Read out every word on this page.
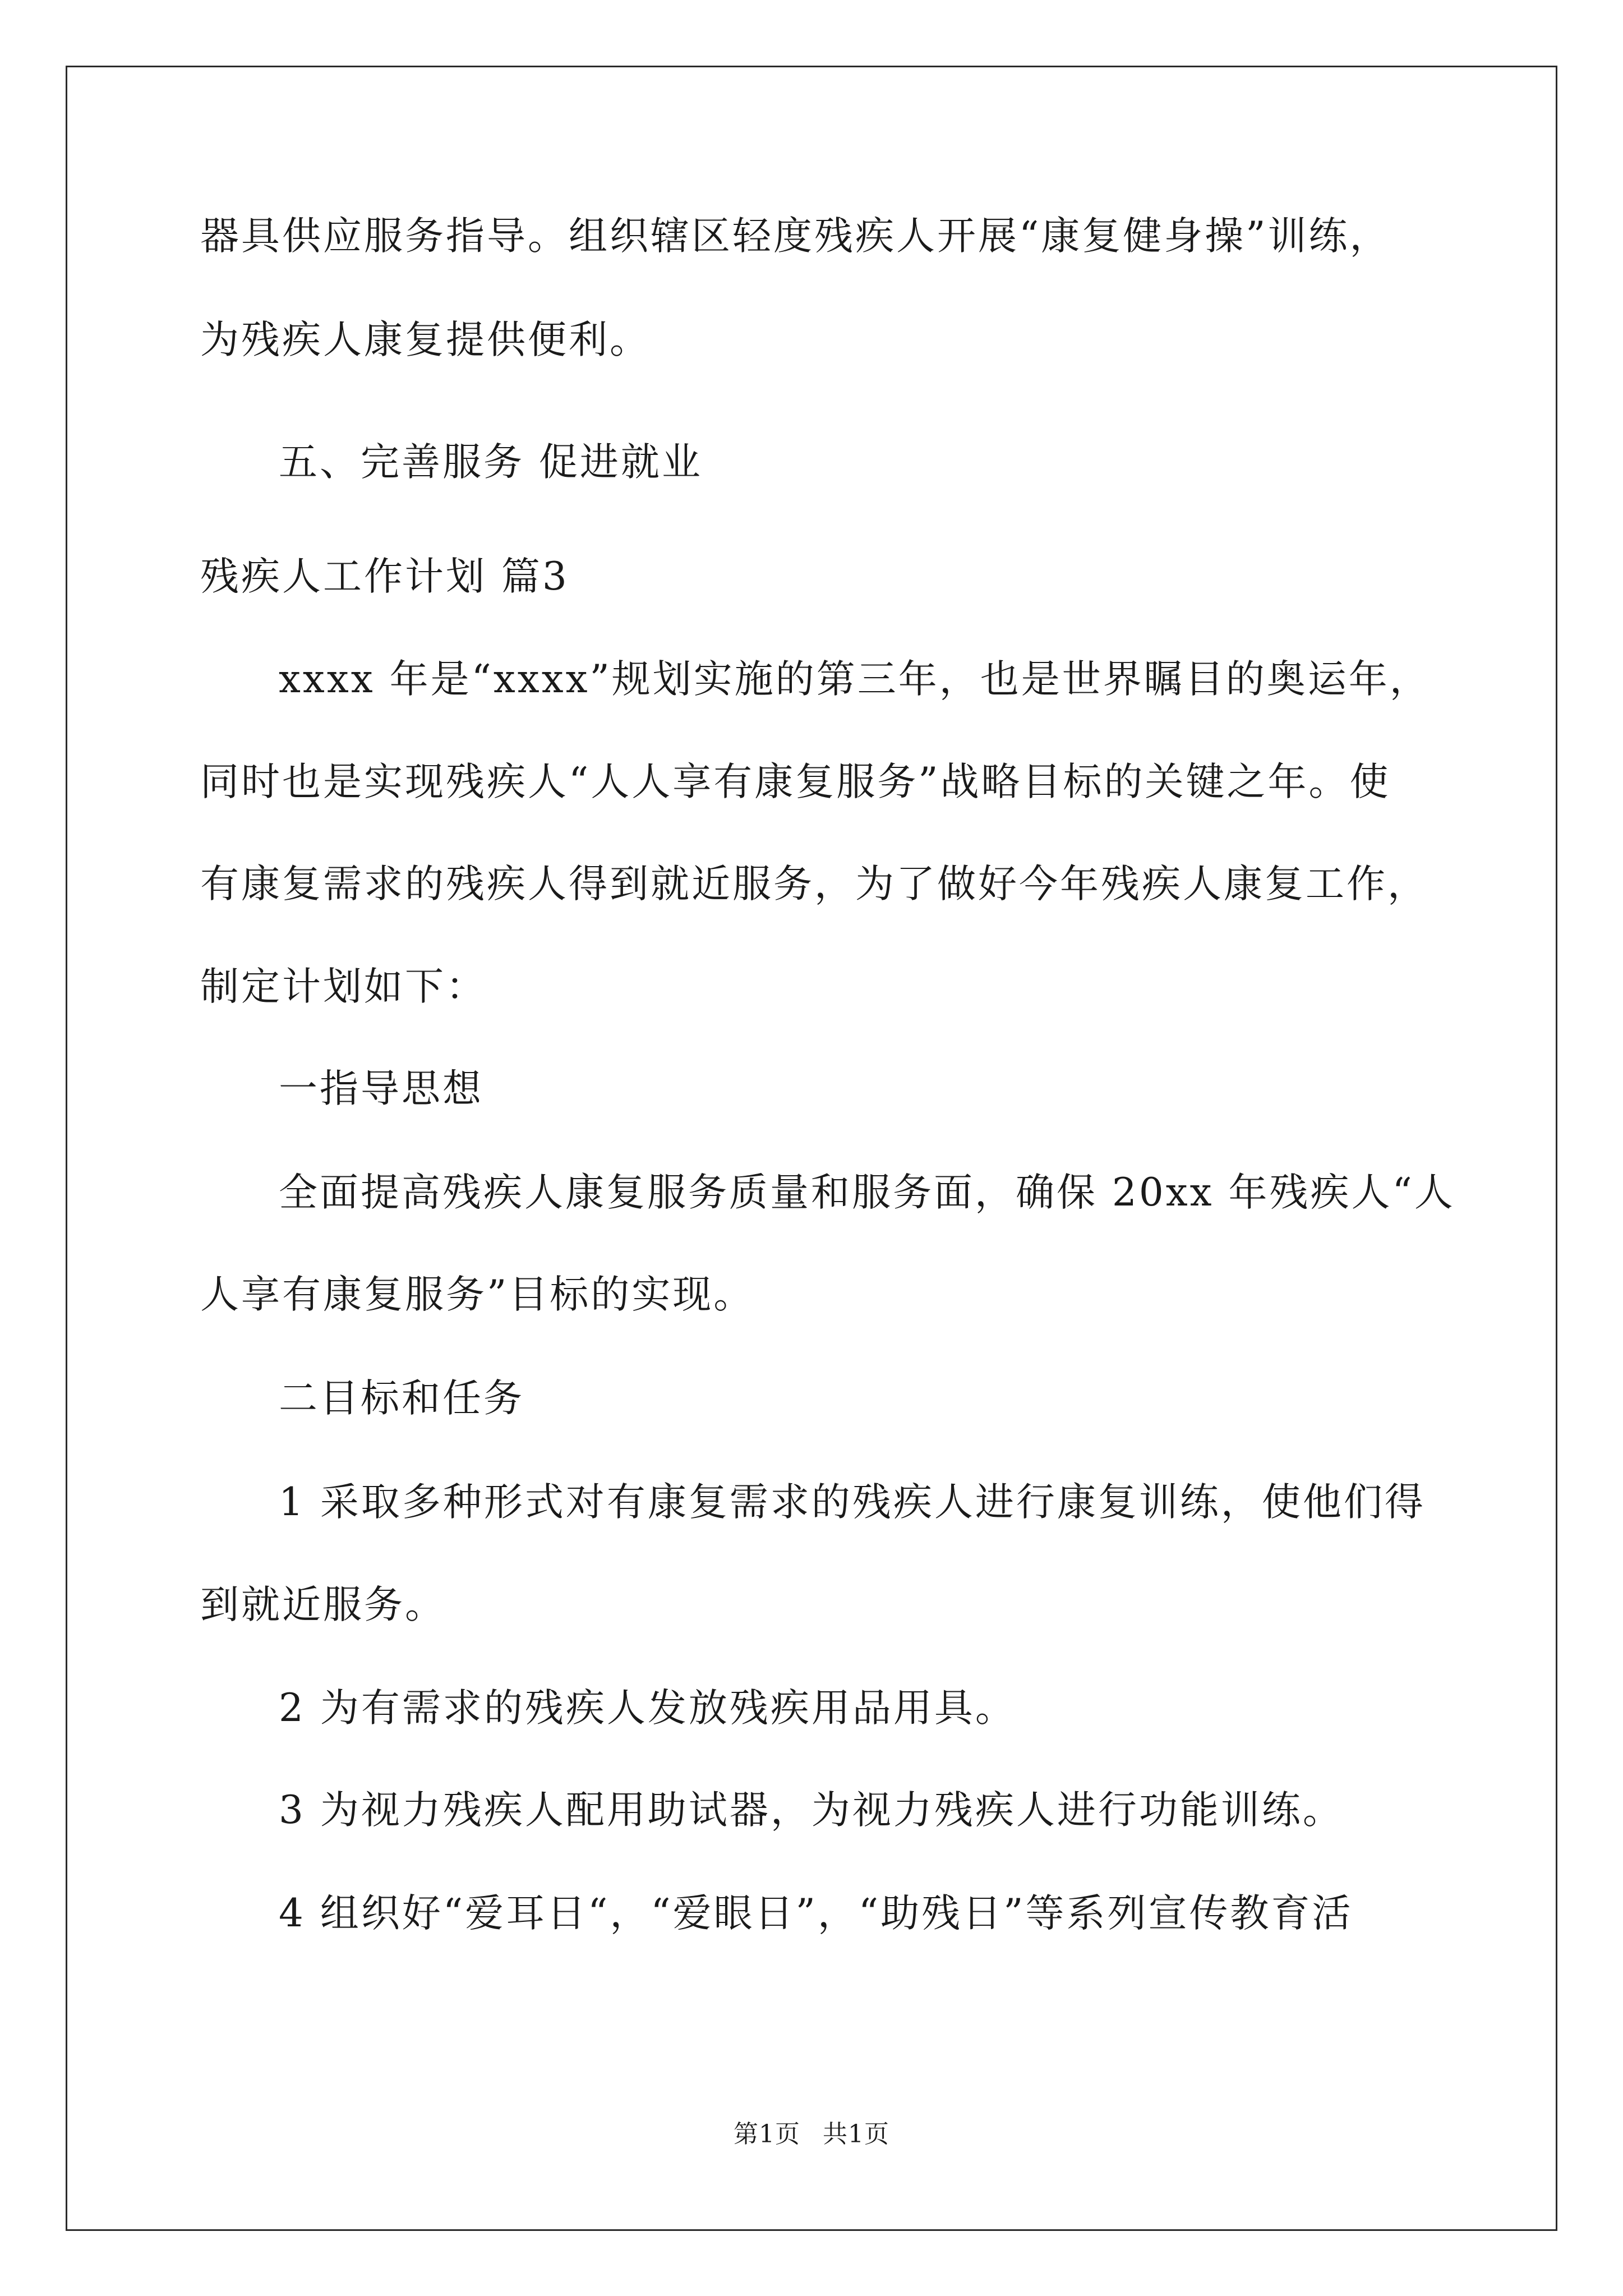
器具供应服务指导。组织辖区轻度残疾人开展“康复健身操”训练，

为残疾人康复提供便利。

五、完善服务 促进就业

残疾人工作计划 篇3

xxxx 年是“xxxx”规划实施的第三年，也是世界瞩目的奥运年，

同时也是实现残疾人“人人享有康复服务”战略目标的关键之年。使

有康复需求的残疾人得到就近服务，为了做好今年残疾人康复工作，

制定计划如下：

一指导思想

全面提高残疾人康复服务质量和服务面，确保 20xx 年残疾人“人

人享有康复服务”目标的实现。

二目标和任务

1 采取多种形式对有康复需求的残疾人进行康复训练，使他们得

到就近服务。

2 为有需求的残疾人发放残疾用品用具。

3 为视力残疾人配用助试器，为视力残疾人进行功能训练。

4 组织好“爱耳日“，“爱眼日”，“助残日”等系列宣传教育活

第1页 共1页
